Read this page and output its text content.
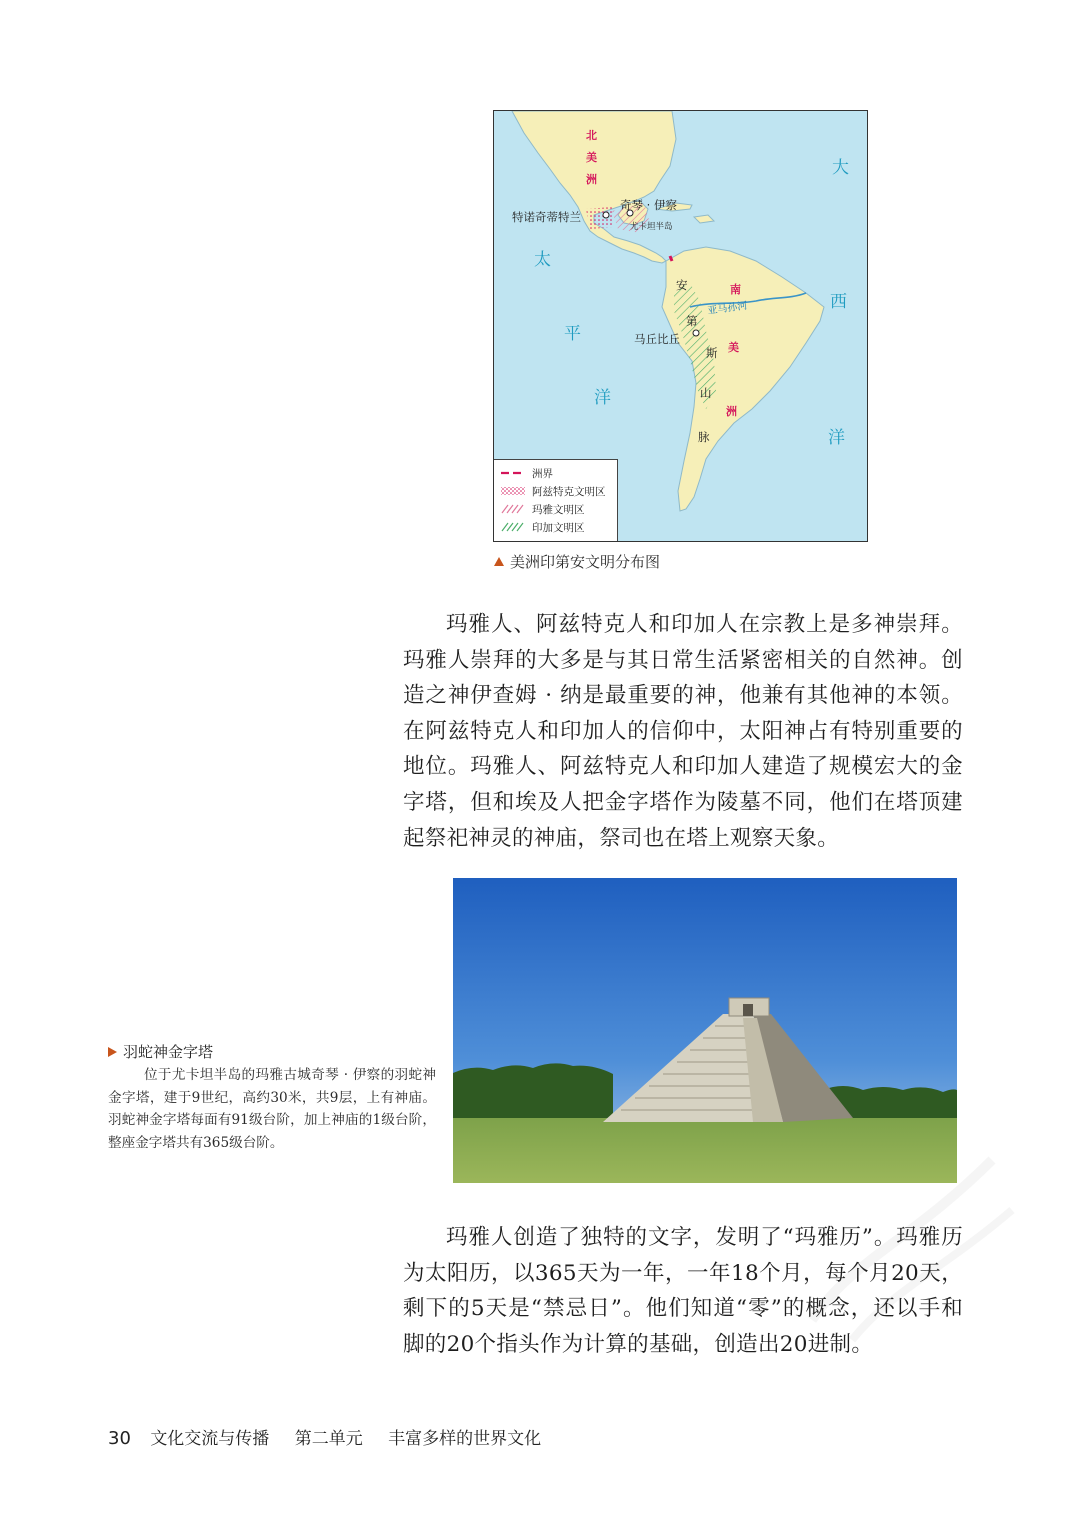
太
平
洋
大
西
洋
北
美
洲
南
美
洲
特诺奇蒂特兰
奇琴 · 伊察
尤卡坦半岛
马丘比丘
安
第
斯
山
脉
亚马孙河
洲界
阿兹特克文明区
玛雅文明区
印加文明区
美洲印第安文明分布图
玛雅人、阿兹特克人和印加人在宗教上是多神崇拜。玛雅人崇拜的大多是与其日常生活紧密相关的自然神。创造之神伊查姆 · 纳是最重要的神，他兼有其他神的本领。在阿兹特克人和印加人的信仰中，太阳神占有特别重要的地位。玛雅人、阿兹特克人和印加人建造了规模宏大的金字塔，但和埃及人把金字塔作为陵墓不同，他们在塔顶建起祭祀神灵的神庙，祭司也在塔上观察天象。
羽蛇神金字塔
位于尤卡坦半岛的玛雅古城奇琴 · 伊察的羽蛇神金字塔，建于9世纪，高约30米，共9层，上有神庙。羽蛇神金字塔每面有91级台阶，加上神庙的1级台阶，整座金字塔共有365级台阶。
玛雅人创造了独特的文字，发明了“玛雅历”。玛雅历为太阳历，以365天为一年，一年18个月，每个月20天，剩下的5天是“禁忌日”。他们知道“零”的概念，还以手和脚的20个指头作为计算的基础，创造出20进制。
30 文化交流与传播 第二单元 丰富多样的世界文化
